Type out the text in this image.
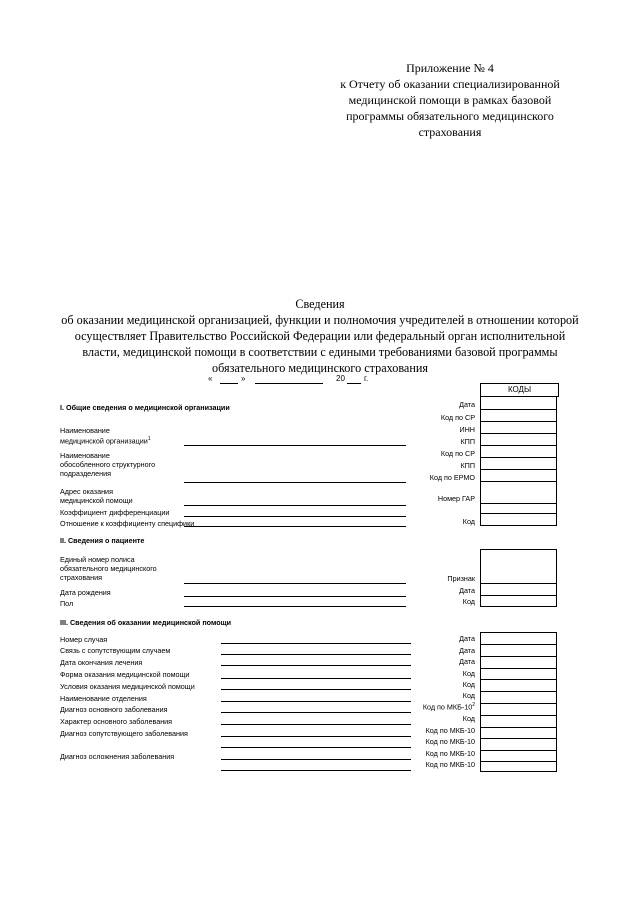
Приложение № 4
к Отчету об оказании специализированной
медицинской помощи в рамках базовой
программы обязательного медицинского
страхования
Сведения
об оказании медицинской организацией, функции и полномочия учредителей в отношении которой
осуществляет Правительство Российской Федерации или федеральный орган исполнительной
власти, медицинской помощи в соответствии с едиными требованиями базовой программы
обязательного медицинского страхования
«	»	20 г.
КОДЫ
I. Общие сведения о медицинской организации
Наименование
медицинской организации$^1$
Наименование
обособленного структурного
подразделения
Адрес оказания
медицинской помощи
Коэффициент дифференциации
Отношение к коэффициенту специфики
Дата
Код по СР
ИНН
КПП
Код по СР
КПП
Код по ЕРМО
Номер ГАР
Код
II. Сведения о пациенте
Единый номер полиса
обязательного медицинского
страхования
Дата рождения
Пол
Признак
Дата
Код
III. Сведения об оказании медицинской помощи
Номер случая
Связь с сопутствующим случаем
Дата окончания лечения
Форма оказания медицинской помощи
Условия оказания медицинской помощи
Наименование отделения
Диагноз основного заболевания
Характер основного заболевания
Диагноз сопутствующего заболевания
Диагноз осложнения заболевания
Дата
Дата
Дата
Код
Код
Код
Код по МКБ-$10^2$
Код
Код по МКБ-10
Код по МКБ-10
Код по МКБ-10
Код по МКБ-10
